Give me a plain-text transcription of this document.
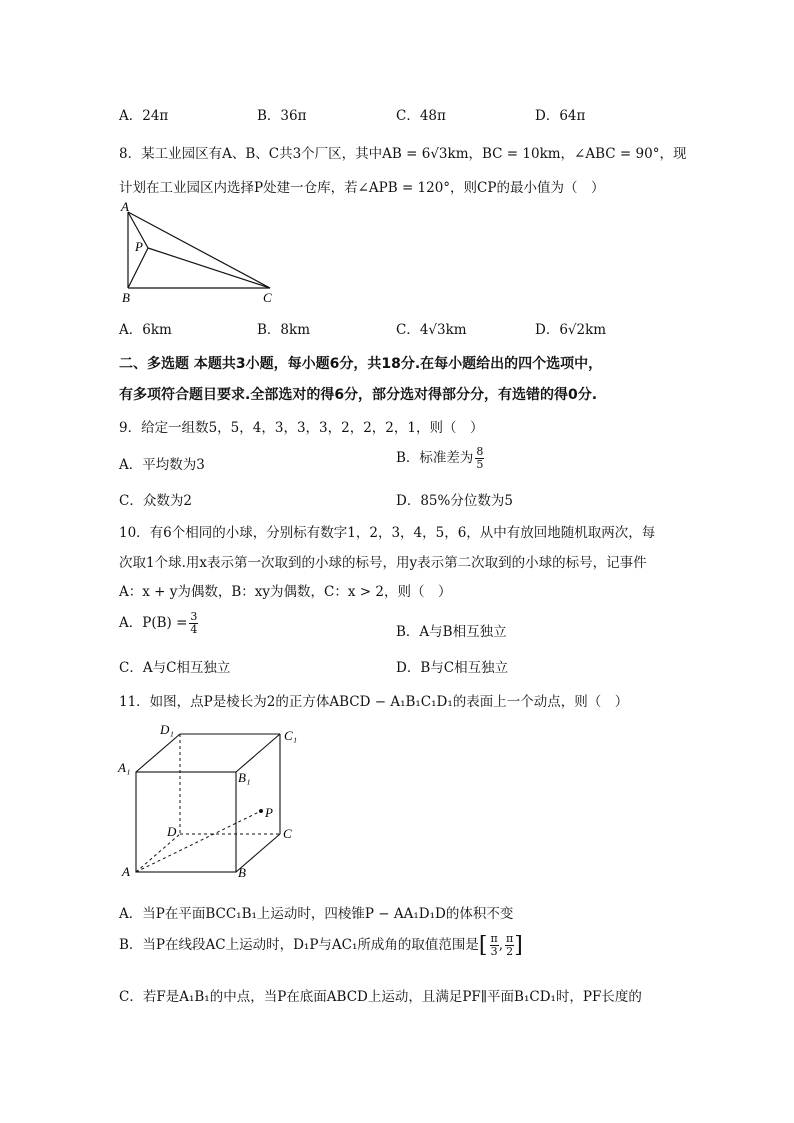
A．24π	B．36π	C．48π	D．64π
8．某工业园区有A、B、C共3个厂区，其中AB = 6√3km，BC = 10km，∠ABC = 90°，现
计划在工业园区内选择P处建一仓库，若∠APB = 120°，则CP的最小值为（　）
A
B	C
P
A．6km	B．8km	C．4√3km	D．6√2km
二、多选题 本题共3小题，每小题6分，共18分.在每小题给出的四个选项中，
有多项符合题目要求.全部选对的得6分，部分选对得部分分，有选错的得0分.
9．给定一组数5，5，4，3，3，3，2，2，2，1，则（　）
A．平均数为3	B．标准差为 $\frac{8}{5}$
C．众数为2	D．85%分位数为5
10．有6个相同的小球，分别标有数字1，2，3，4，5，6，从中有放回地随机取两次，每
次取1个球.用x表示第一次取到的小球的标号，用y表示第二次取到的小球的标号，记事件
A：x + y为偶数，B：xy为偶数，C：x > 2，则（　）
A．$P(B) = \frac{3}{4}$	B．A与B相互独立
C．A与C相互独立	D．B与C相互独立
11．如图，点P是棱长为2的正方体ABCD − A₁B₁C₁D₁的表面上一个动点，则（　）
D₁	C₁
A₁
B₁
P
D	C
A	B
A．当P在平面BCC₁B₁上运动时，四棱锥P − AA₁D₁D的体积不变
B．当P在线段AC上运动时，D₁P与AC₁所成角的取值范围是[ $\frac{\pi}{3}$ , $\frac{\pi}{2}$ ]
C．若F是A₁B₁的中点，当P在底面ABCD上运动，且满足PF∥平面B₁CD₁时，PF长度的
